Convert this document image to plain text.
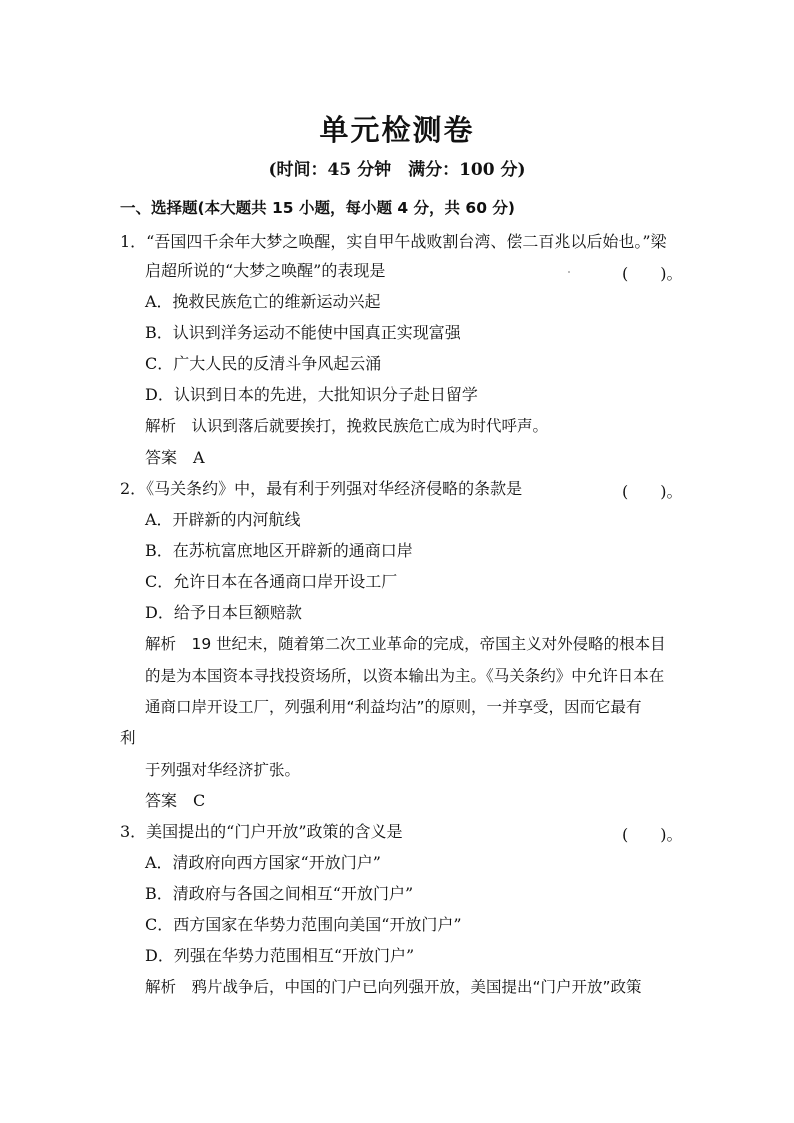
单元检测卷
(时间：45 分钟　满分：100 分)
一、选择题(本大题共 15 小题，每小题 4 分，共 60 分)
1．“吾国四千余年大梦之唤醒，实自甲午战败割台湾、偿二百兆以后始也。”梁
启超所说的“大梦之唤醒”的表现是	(　　)。
A．挽救民族危亡的维新运动兴起
B．认识到洋务运动不能使中国真正实现富强
C．广大人民的反清斗争风起云涌
D．认识到日本的先进，大批知识分子赴日留学
解析　认识到落后就要挨打，挽救民族危亡成为时代呼声。
答案　A
2．《马关条约》中，最有利于列强对华经济侵略的条款是	(　　)。
A．开辟新的内河航线
B．在苏杭富庶地区开辟新的通商口岸
C．允许日本在各通商口岸开设工厂
D．给予日本巨额赔款
解析　19 世纪末，随着第二次工业革命的完成，帝国主义对外侵略的根本目
的是为本国资本寻找投资场所，以资本输出为主。《马关条约》中允许日本在
通商口岸开设工厂，列强利用“利益均沾”的原则，一并享受，因而它最有
利
于列强对华经济扩张。
答案　C
3．美国提出的“门户开放”政策的含义是	(　　)。
A．清政府向西方国家“开放门户”
B．清政府与各国之间相互“开放门户”
C．西方国家在华势力范围向美国“开放门户”
D．列强在华势力范围相互“开放门户”
解析　鸦片战争后，中国的门户已向列强开放，美国提出“门户开放”政策
